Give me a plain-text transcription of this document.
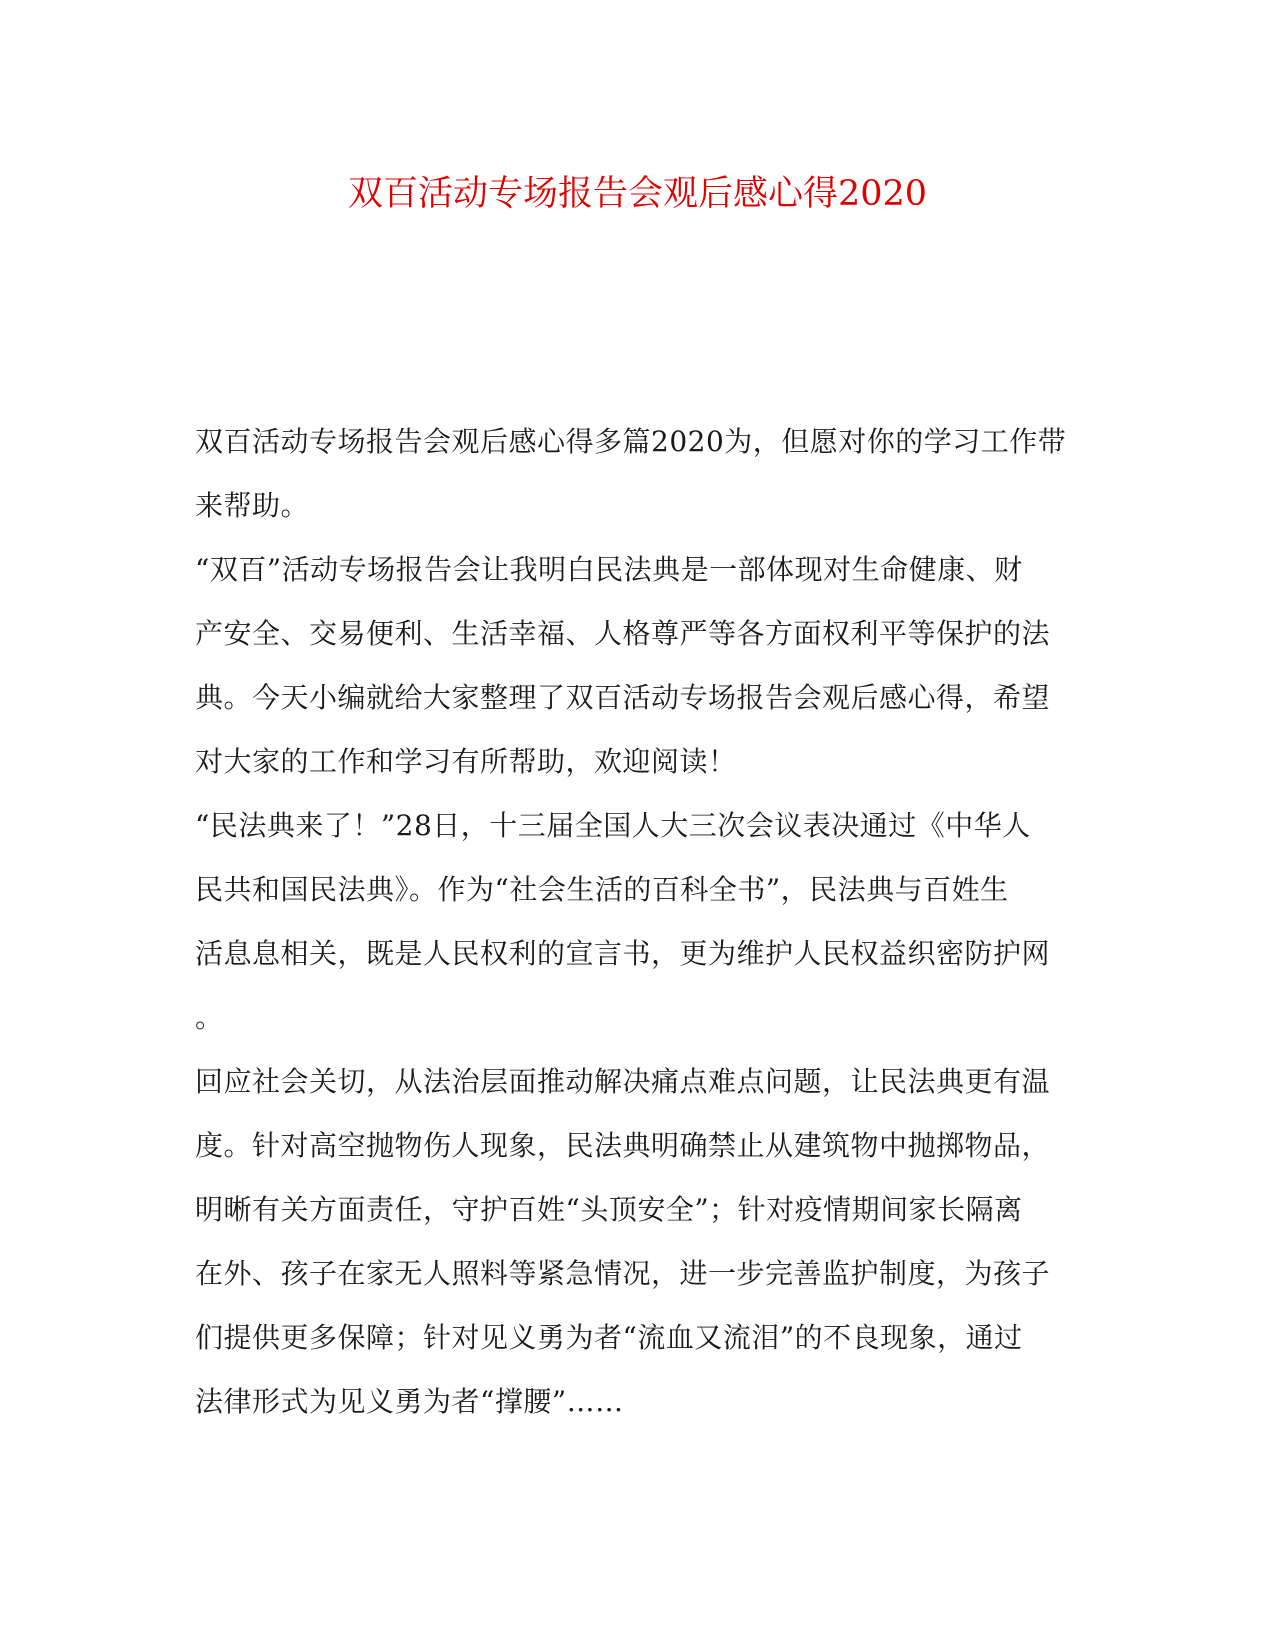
双百活动专场报告会观后感心得2020
双百活动专场报告会观后感心得多篇2020为，但愿对你的学习工作带
来帮助。
“双百”活动专场报告会让我明白民法典是一部体现对生命健康、财
产安全、交易便利、生活幸福、人格尊严等各方面权利平等保护的法
典。今天小编就给大家整理了双百活动专场报告会观后感心得，希望
对大家的工作和学习有所帮助，欢迎阅读！
“民法典来了！”28日，十三届全国人大三次会议表决通过《中华人
民共和国民法典》。作为“社会生活的百科全书”，民法典与百姓生
活息息相关，既是人民权利的宣言书，更为维护人民权益织密防护网
。
回应社会关切，从法治层面推动解决痛点难点问题，让民法典更有温
度。针对高空抛物伤人现象，民法典明确禁止从建筑物中抛掷物品，
明晰有关方面责任，守护百姓“头顶安全”；针对疫情期间家长隔离
在外、孩子在家无人照料等紧急情况，进一步完善监护制度，为孩子
们提供更多保障；针对见义勇为者“流血又流泪”的不良现象，通过
法律形式为见义勇为者“撑腰”……
